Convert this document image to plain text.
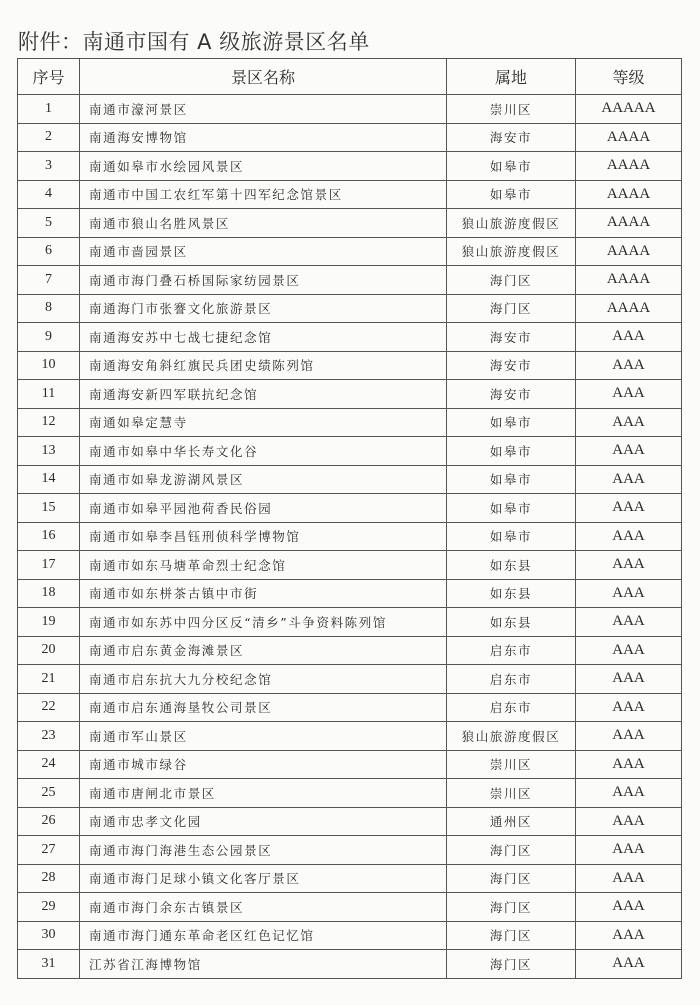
附件：南通市国有 A 级旅游景区名单
序号	景区名称	属地	等级
1	南通市濠河景区	崇川区	AAAAA
2	南通海安博物馆	海安市	AAAA
3	南通如皋市水绘园风景区	如皋市	AAAA
4	南通市中国工农红军第十四军纪念馆景区	如皋市	AAAA
5	南通市狼山名胜风景区	狼山旅游度假区	AAAA
6	南通市啬园景区	狼山旅游度假区	AAAA
7	南通市海门叠石桥国际家纺园景区	海门区	AAAA
8	南通海门市张謇文化旅游景区	海门区	AAAA
9	南通海安苏中七战七捷纪念馆	海安市	AAA
10	南通海安角斜红旗民兵团史绩陈列馆	海安市	AAA
11	南通海安新四军联抗纪念馆	海安市	AAA
12	南通如皋定慧寺	如皋市	AAA
13	南通市如皋中华长寿文化谷	如皋市	AAA
14	南通市如皋龙游湖风景区	如皋市	AAA
15	南通市如皋平园池荷香民俗园	如皋市	AAA
16	南通市如皋李昌钰刑侦科学博物馆	如皋市	AAA
17	南通市如东马塘革命烈士纪念馆	如东县	AAA
18	南通市如东栟茶古镇中市街	如东县	AAA
19	南通市如东苏中四分区反“清乡”斗争资料陈列馆	如东县	AAA
20	南通市启东黄金海滩景区	启东市	AAA
21	南通市启东抗大九分校纪念馆	启东市	AAA
22	南通市启东通海垦牧公司景区	启东市	AAA
23	南通市军山景区	狼山旅游度假区	AAA
24	南通市城市绿谷	崇川区	AAA
25	南通市唐闸北市景区	崇川区	AAA
26	南通市忠孝文化园	通州区	AAA
27	南通市海门海港生态公园景区	海门区	AAA
28	南通市海门足球小镇文化客厅景区	海门区	AAA
29	南通市海门余东古镇景区	海门区	AAA
30	南通市海门通东革命老区红色记忆馆	海门区	AAA
31	江苏省江海博物馆	海门区	AAA
